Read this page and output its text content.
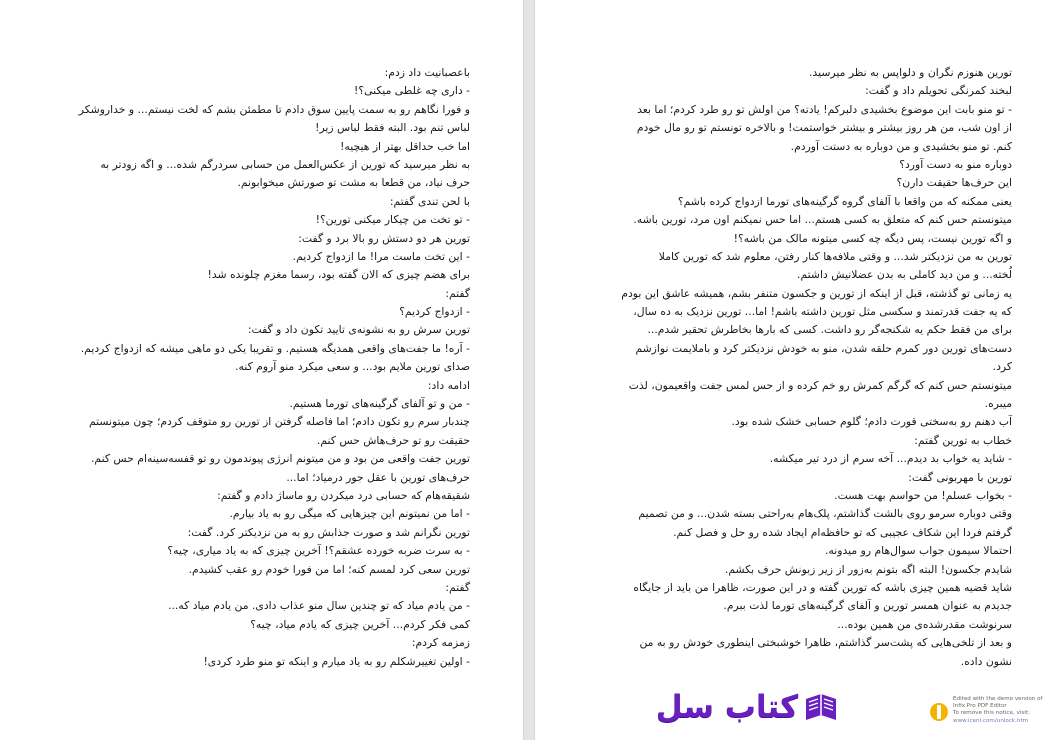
باعصبانیت داد زدم:
- داری چه غلطی میکنی؟!
و فورا نگاهم رو به سمت پایین سوق دادم تا مطمئن بشم که لخت نیستم... و خداروشکر
لباس تنم بود. البته فقط لباس زیر!
اما خب حداقل بهتر از هیچیه!
به نظر میرسید که تورین از عکس‌العمل من حسابی سردرگم شده... و اگه زودتر به
حرف نیاد، من قطعا به مشت تو صورتش میخوابونم.
با لحن تندی گفتم:
- تو تخت من چیکار میکنی تورین؟!
تورین هر دو دستش رو بالا برد و گفت:
- این تخت ماست مرا! ما ازدواج کردیم.
برای هضم چیزی که الان گفته بود، رسما مغزم چلونده شد!
گفتم:
- ازدواج کردیم؟
تورین سرش رو به نشونه‌ی تایید تکون داد و گفت:
- آره! ما جفت‌های واقعی همدیگه هستیم. و تقریبا یکی دو ماهی میشه که ازدواج کردیم.
صدای تورین ملایم بود... و سعی میکرد منو آروم کنه.
ادامه داد:
- من و تو آلفای گرگینه‌های تورما هستیم.
چندبار سرم رو تکون دادم؛ اما فاصله گرفتن از تورین رو متوقف کردم؛ چون میتونستم
حقیقت رو تو حرف‌هاش حس کنم.
تورین جفت واقعی من بود و من میتونم انرژی پیوندمون رو تو قفسه‌سینه‌ام حس کنم.
حرف‌های تورین با عقل جور درمیاد؛ اما...
شقیقه‌هام که حسابی درد میکردن رو ماساژ دادم و گفتم:
- اما من نمیتونم این چیزهایی که میگی رو به یاد بیارم.
تورین نگرانم شد و صورت جذابش رو به من نزدیکتر کرد. گفت:
- به سرت ضربه خورده عشقم؟! آخرین چیزی که به یاد میاری، چیه؟
تورین سعی کرد لمسم کنه؛ اما من فورا خودم رو عقب کشیدم.
گفتم:
- من یادم میاد که تو چندین سال منو عذاب دادی. من یادم میاد که...
کمی فکر کردم... آخرین چیزی که یادم میاد، چیه؟
زمزمه کردم:
- اولین تغییرشکلم رو به یاد میارم و اینکه تو منو طرد کردی!
تورین هنوزم نگران و دلواپس به نظر میرسید.
لبخند کمرنگی تحویلم داد و گفت:
- تو منو بابت این موضوع بخشیدی دلبرکم! یادته؟ من اولش تو رو طرد کردم؛ اما بعد
از اون شب، من هر روز بیشتر و بیشتر خواستمت! و بالاخره تونستم تو رو مال خودم
کنم. تو منو بخشیدی و من دوباره به دستت آوردم.
دوباره منو به دست آورد؟
این حرف‌ها حقیقت دارن؟
یعنی ممکنه که من واقعا با آلفای گروه گرگینه‌های تورما ازدواج کرده باشم؟
میتونستم حس کنم که متعلق به کسی هستم... اما حس نمیکنم اون مرد، تورین باشه.
و اگه تورین نیست، پس دیگه چه کسی میتونه مالک من باشه؟!
تورین به من نزدیکتر شد... و وقتی ملافه‌ها کنار رفتن، معلوم شد که تورین کاملا
لُخته... و من دید کاملی به بدن عضلانیش داشتم.
یه زمانی تو گذشته، قبل از اینکه از تورین و جکسون متنفر بشم، همیشه عاشق این بودم
که یه جفت قدرتمند و سکسی مثل تورین داشته باشم! اما... تورین نزدیک به ده سال،
برای من فقط حکم یه شکنجه‌گر رو داشت. کسی که بارها بخاطرش تحقیر شدم...
دست‌های تورین دور کمرم حلقه شدن، منو به خودش نزدیکتر کرد و باملایمت نوازشم
کرد.
میتونستم حس کنم که گرگم کمرش رو خم کرده و از حس لمس جفت واقعیمون، لذت
میبره.
آب دهنم رو به‌سختی قورت دادم؛ گلوم حسابی خشک شده بود.
خطاب به تورین گفتم:
- شاید یه خواب بد دیدم... آخه سرم از درد تیر میکشه.
تورین با مهربونی گفت:
- بخواب عسلم! من حواسم بهت هست.
وقتی دوباره سرمو روی بالشت گذاشتم، پلک‌هام به‌راحتی بسته شدن... و من تصمیم
گرفتم فردا این شکاف عجیبی که تو حافظه‌ام ایجاد شده رو حل و فصل کنم.
احتمالا سیمون جواب سوال‌هام رو میدونه.
شایدم جکسون! البته اگه بتونم به‌زور از زیر زبونش حرف بکشم.
شاید قضیه همین چیزی باشه که تورین گفته و در این صورت، ظاهرا من باید از جایگاه
جدیدم به عنوان همسر تورین و آلفای گرگینه‌های تورما لذت ببرم.
سرنوشت مقدرشده‌ی من همین بوده...
و بعد از تلخی‌هایی که پشت‌سر گذاشتم، ظاهرا خوشبختی اینطوری خودش رو به من
نشون داده.
کتاب سل	Edited with the demo version of
Infix Pro PDF Editor
To remove this notice, visit:
www.iceni.com/unlock.htm
